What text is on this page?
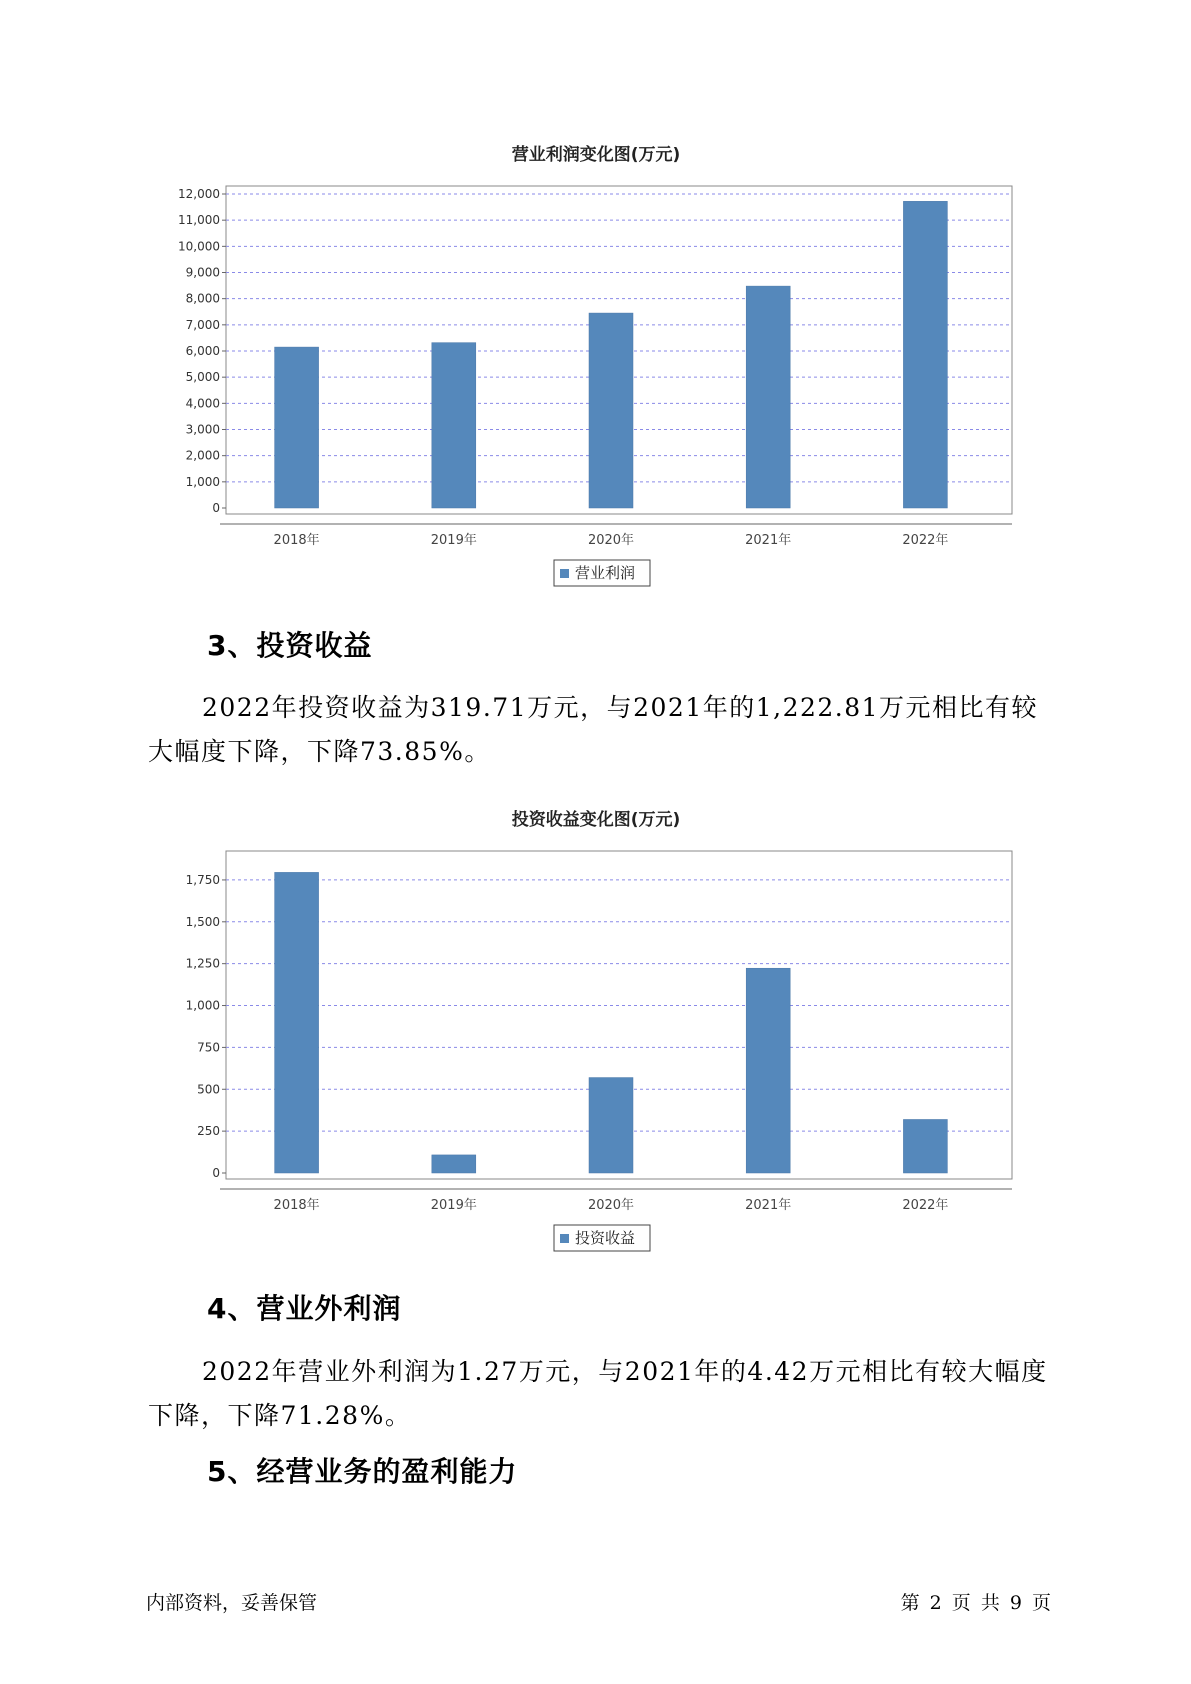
营业利润变化图(万元)
0
1,000
2,000
3,000
4,000
5,000
6,000
7,000
8,000
9,000
10,000
11,000
12,000
2018年	2019年	2020年	2021年	2022年
营业利润
3、投资收益

2022年投资收益为319.71万元，与2021年的1,222.81万元相比有较大幅度下降，下降73.85%。

投资收益变化图(万元)
0
250
500
750
1,000
1,250
1,500
1,750
2018年	2019年	2020年	2021年	2022年
投资收益
4、营业外利润

2022年营业外利润为1.27万元，与2021年的4.42万元相比有较大幅度下降，下降71.28%。

5、经营业务的盈利能力
内部资料，妥善保管	第 2 页 共 9 页
